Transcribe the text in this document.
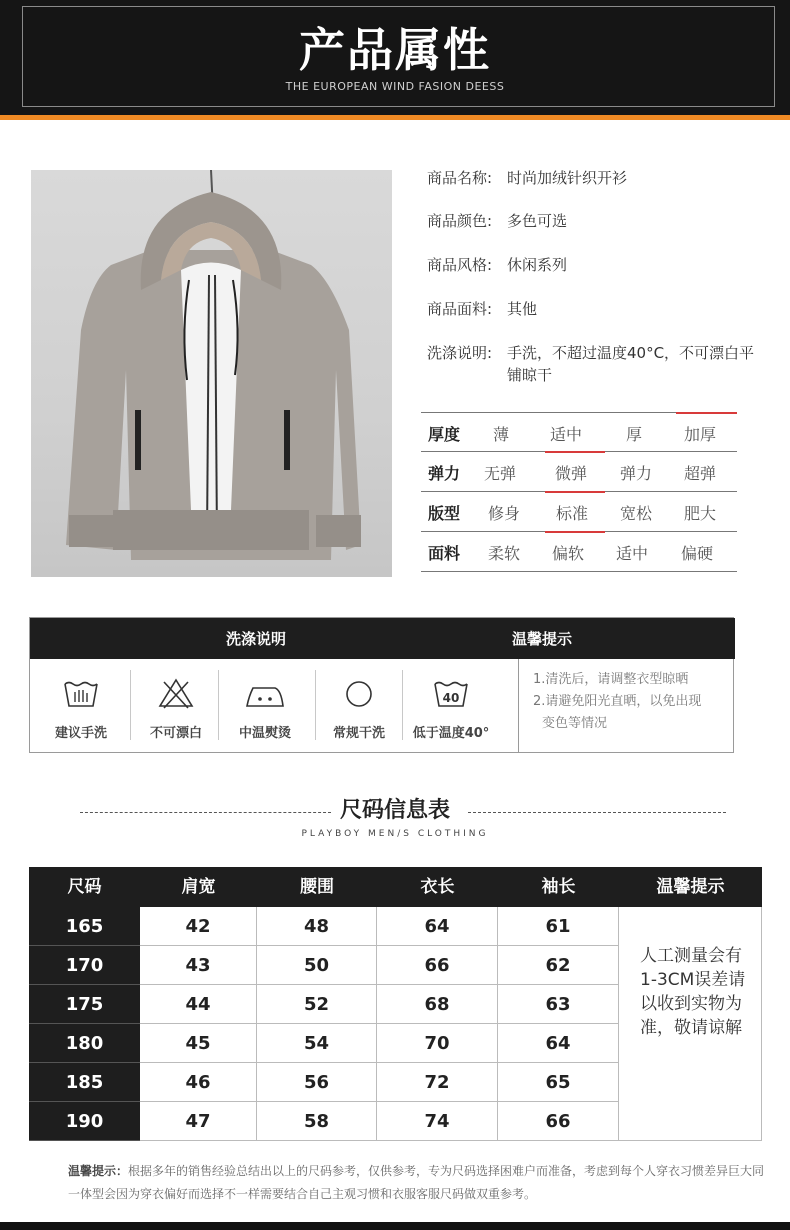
产品属性
THE EUROPEAN WIND FASION DEESS
商品名称: 时尚加绒针织开衫
商品颜色: 多色可选
商品风格: 休闲系列
商品面料: 其他
洗涤说明: 手洗，不超过温度40°C，不可漂白平铺晾干
厚度 薄	适中	厚	加厚
弹力 无弹 微弹 弹力 超弹
版型 修身 标准 宽松 肥大
面料 柔软 偏软 适中 偏硬
洗涤说明	温馨提示
建议手洗	不可漂白	中温熨烫	常规干洗
40
低于温度40°
1.清洗后，请调整衣型晾晒
2.请避免阳光直晒，以免出现
变色等情况
尺码信息表
PLAYBOY MEN/S CLOTHING
尺码	肩宽	腰围	衣长	袖长	温馨提示
165	42	48	64	61
170	43	50	66	62
175	44	52	68	63
180	45	54	70	64
185	46	56	72	65
190	47	58	74	66
人工测量会有1-3CM误差请以收到实物为准，敬请谅解
温馨提示：根据多年的销售经验总结出以上的尺码参考，仅供参考，专为尺码选择困难户而准备，考虑到每个人穿衣习惯差异巨大同一体型会因为穿衣偏好而选择不一样需要结合自己主观习惯和衣服客服尺码做双重参考。
